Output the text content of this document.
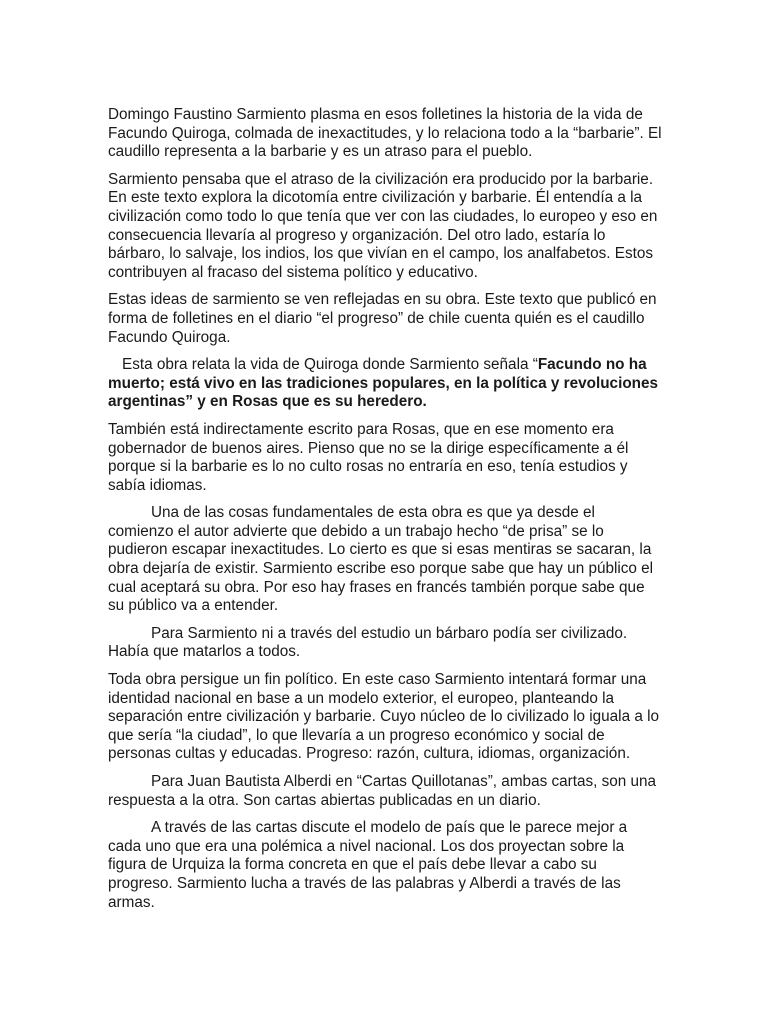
Domingo Faustino Sarmiento plasma en esos folletines la historia de la vida de Facundo Quiroga, colmada de inexactitudes, y lo relaciona todo a la “barbarie”. El caudillo representa a la barbarie y es un atraso para el pueblo.

Sarmiento pensaba que el atraso de la civilización era producido por la barbarie. En este texto explora la dicotomía entre civilización y barbarie. Él entendía a la civilización como todo lo que tenía que ver con las ciudades, lo europeo y eso en consecuencia llevaría al progreso y organización. Del otro lado, estaría lo bárbaro, lo salvaje, los indios, los que vivían en el campo, los analfabetos. Estos contribuyen al fracaso del sistema político y educativo.

Estas ideas de sarmiento se ven reflejadas en su obra. Este texto que publicó en forma de folletines en el diario “el progreso” de chile cuenta quién es el caudillo Facundo Quiroga.

Esta obra relata la vida de Quiroga donde Sarmiento señala “Facundo no ha muerto; está vivo en las tradiciones populares, en la política y revoluciones argentinas” y en Rosas que es su heredero.

También está indirectamente escrito para Rosas, que en ese momento era gobernador de buenos aires. Pienso que no se la dirige específicamente a él porque si la barbarie es lo no culto rosas no entraría en eso, tenía estudios y sabía idiomas.

Una de las cosas fundamentales de esta obra es que ya desde el comienzo el autor advierte que debido a un trabajo hecho “de prisa” se lo pudieron escapar inexactitudes. Lo cierto es que si esas mentiras se sacaran, la obra dejaría de existir. Sarmiento escribe eso porque sabe que hay un público el cual aceptará su obra. Por eso hay frases en francés también porque sabe que su público va a entender.

Para Sarmiento ni a través del estudio un bárbaro podía ser civilizado. Había que matarlos a todos.

Toda obra persigue un fin político. En este caso Sarmiento intentará formar una identidad nacional en base a un modelo exterior, el europeo, planteando la separación entre civilización y barbarie. Cuyo núcleo de lo civilizado lo iguala a lo que sería “la ciudad”, lo que llevaría a un progreso económico y social de personas cultas y educadas. Progreso: razón, cultura, idiomas, organización.

Para Juan Bautista Alberdi en “Cartas Quillotanas”, ambas cartas, son una respuesta a la otra. Son cartas abiertas publicadas en un diario.

A través de las cartas discute el modelo de país que le parece mejor a cada uno que era una polémica a nivel nacional. Los dos proyectan sobre la figura de Urquiza la forma concreta en que el país debe llevar a cabo su progreso. Sarmiento lucha a través de las palabras y Alberdi a través de las armas.
